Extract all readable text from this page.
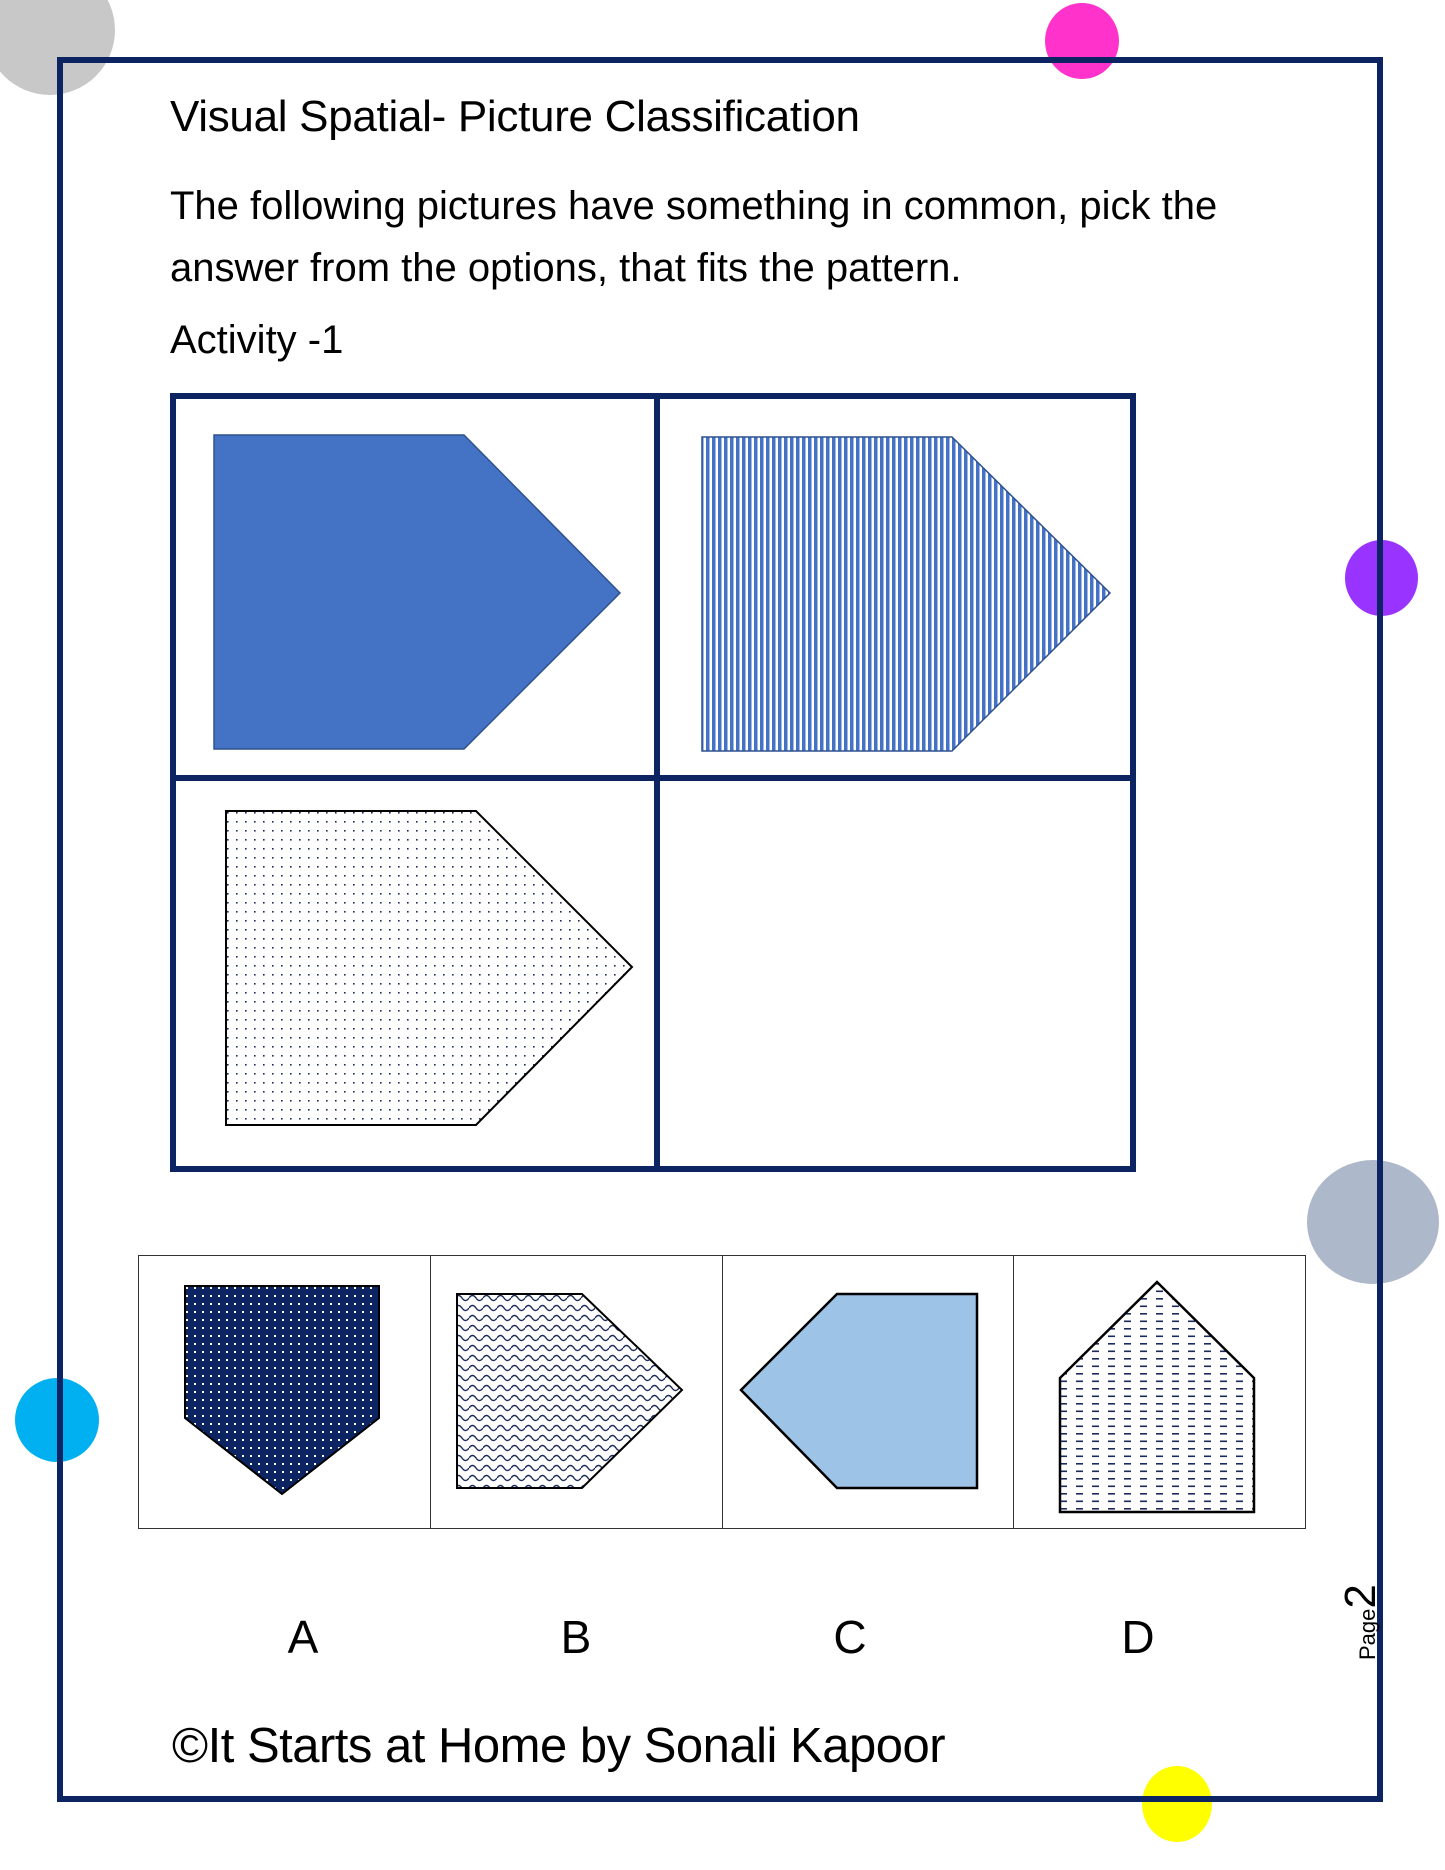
Visual Spatial- Picture Classification
The following pictures have something in common, pick the answer from the options, that fits the pattern.
Activity -1
A	B	C	D
©It Starts at Home by Sonali Kapoor
Page2
